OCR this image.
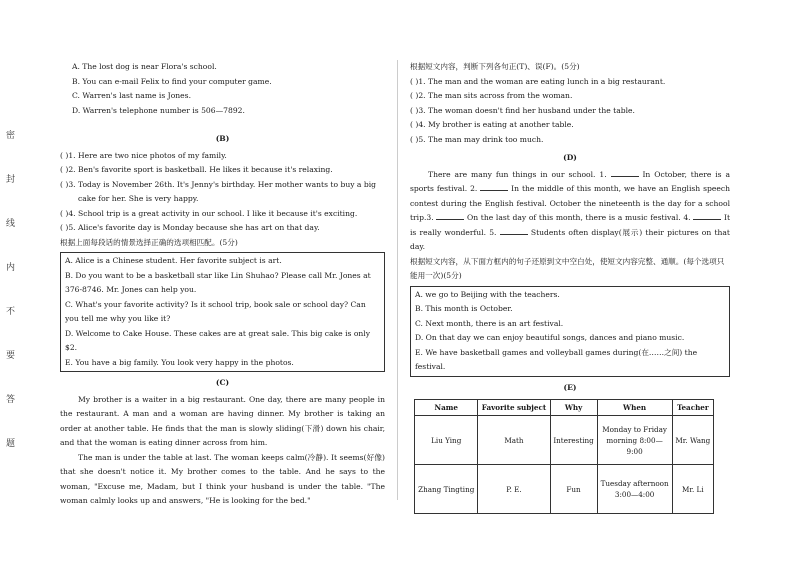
密
封
线
内
不
要
答
题
A. The lost dog is near Flora's school.
B. You can e-mail Felix to find your computer game.
C. Warren's last name is Jones.
D. Warren's telephone number is 506—7892.
(B)
( )1. Here are two nice photos of my family.
( )2. Ben's favorite sport is basketball. He likes it because it's relaxing.
( )3. Today is November 26th. It's Jenny's birthday. Her mother wants to buy a big
cake for her. She is very happy.
( )4. School trip is a great activity in our school. I like it because it's exciting.
( )5. Alice's favorite day is Monday because she has art on that day.
根据上面每段话的情景选择正确的选项相匹配。(5分)
A. Alice is a Chinese student. Her favorite subject is art.
B. Do you want to be a basketball star like Lin Shuhao? Please call Mr. Jones at 376-8746. Mr. Jones can help you.
C. What's your favorite activity? Is it school trip, book sale or school day? Can you tell me why you like it?
D. Welcome to Cake House. These cakes are at great sale. This big cake is only $2.
E. You have a big family. You look very happy in the photos.
(C)
My brother is a waiter in a big restaurant. One day, there are many people in the restaurant. A man and a woman are having dinner. My brother is taking an order at another table. He finds that the man is slowly sliding(下滑) down his chair, and that the woman is eating dinner across from him.
The man is under the table at last. The woman keeps calm(冷静). It seems(好像) that she doesn't notice it. My brother comes to the table. And he says to the woman, "Excuse me, Madam, but I think your husband is under the table. "The woman calmly looks up and answers, "He is looking for the bed."
根据短文内容，判断下列各句正(T)、误(F)。(5分)
( )1. The man and the woman are eating lunch in a big restaurant.
( )2. The man sits across from the woman.
( )3. The woman doesn't find her husband under the table.
( )4. My brother is eating at another table.
( )5. The man may drink too much.
(D)
There are many fun things in our school. 1.	In October, there is a sports festival. 2.	In the middle of this month, we have an English speech contest during the English festival. October the nineteenth is the day for a school trip.3.	On the last day of this month, there is a music festival. 4.	It is really wonderful. 5.	Students often display(展示) their pictures on that day.
根据短文内容，从下面方框内的句子还原到文中空白处，使短文内容完整、通顺。(每个选项只能用一次)(5分)
A. we go to Beijing with the teachers.
B. This month is October.
C. Next month, there is an art festival.
D. On that day we can enjoy beautiful songs, dances and piano music.
E. We have basketball games and volleyball games during(在……之间) the festival.
(E)
Name	Favorite subject	Why	When	Teacher
Liu Ying	Math	Interesting	Monday to Friday morning 8:00—9:00	Mr. Wang
Zhang Tingting	P. E.	Fun	Tuesday afternoon 3:00—4:00	Mr. Li
